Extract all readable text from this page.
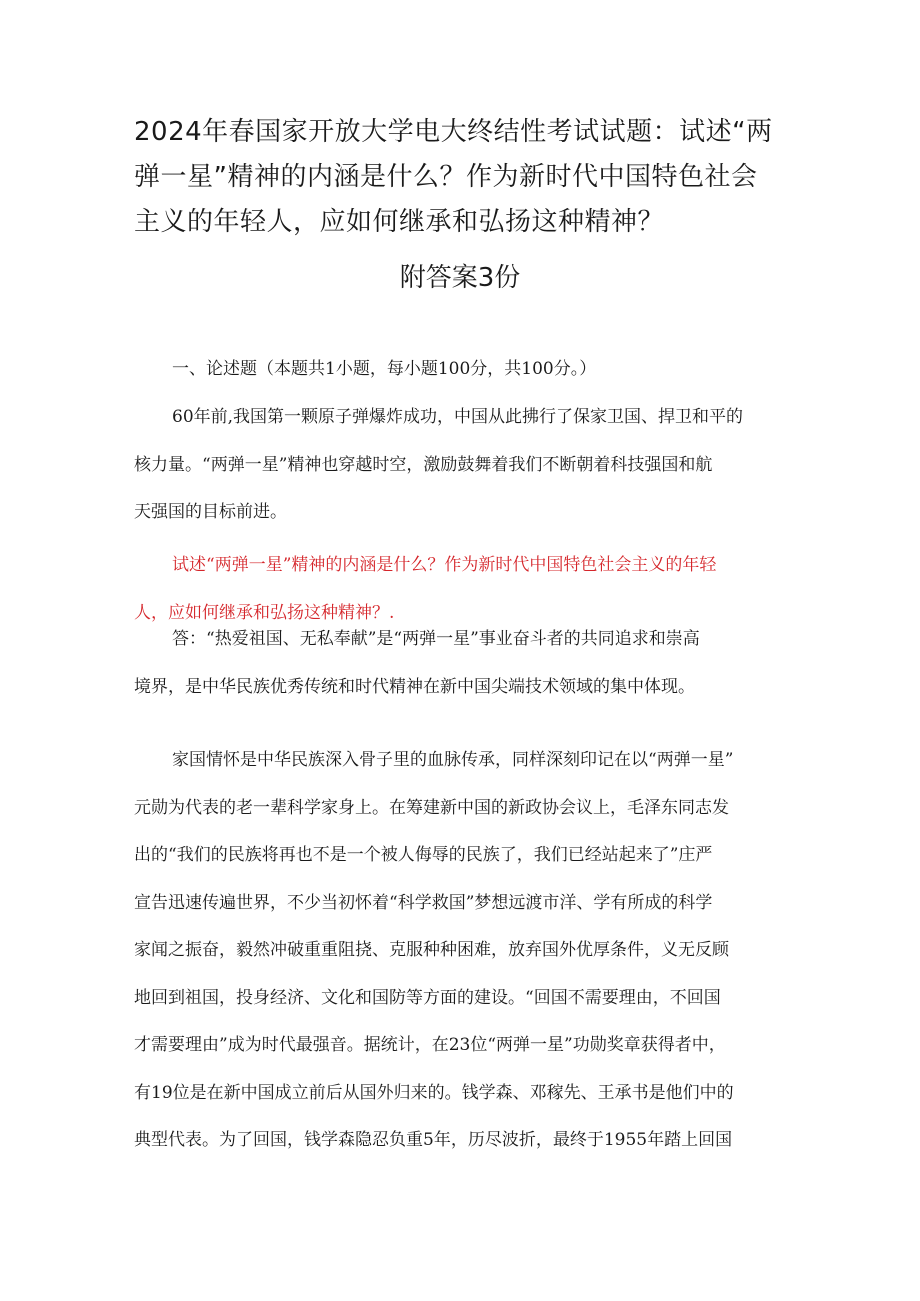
2024年春国家开放大学电大终结性考试试题：试述“两
弹一星”精神的内涵是什么？作为新时代中国特色社会
主义的年轻人，应如何继承和弘扬这种精神？
附答案3份
一、论述题（本题共1小题，每小题100分，共100分。）
60年前,我国第一颗原子弹爆炸成功，中国从此拂行了保家卫国、捍卫和平的
核力量。“两弹一星”精神也穿越时空，激励鼓舞着我们不断朝着科技强国和航
天强国的目标前进。
试述“两弹一星”精神的内涵是什么？作为新时代中国特色社会主义的年轻
人，应如何继承和弘扬这种精神？.
答：“热爱祖国、无私奉献”是“两弹一星”事业奋斗者的共同追求和崇高
境界，是中华民族优秀传统和时代精神在新中国尖端技术领域的集中体现。
家国情怀是中华民族深入骨子里的血脉传承，同样深刻印记在以“两弹一星”
元勋为代表的老一辈科学家身上。在筹建新中国的新政协会议上，毛泽东同志发
出的“我们的民族将再也不是一个被人侮辱的民族了，我们已经站起来了”庄严
宣告迅速传遍世界，不少当初怀着“科学救国”梦想远渡市洋、学有所成的科学
家闻之振奋，毅然冲破重重阻挠、克服种种困难，放弃国外优厚条件，义无反顾
地回到祖国，投身经济、文化和国防等方面的建设。“回国不需要理由，不回国
才需要理由”成为时代最强音。据统计，在23位“两弹一星”功勋奖章获得者中，
有19位是在新中国成立前后从国外归来的。钱学森、邓稼先、王承书是他们中的
典型代表。为了回国，钱学森隐忍负重5年，历尽波折，最终于1955年踏上回国
